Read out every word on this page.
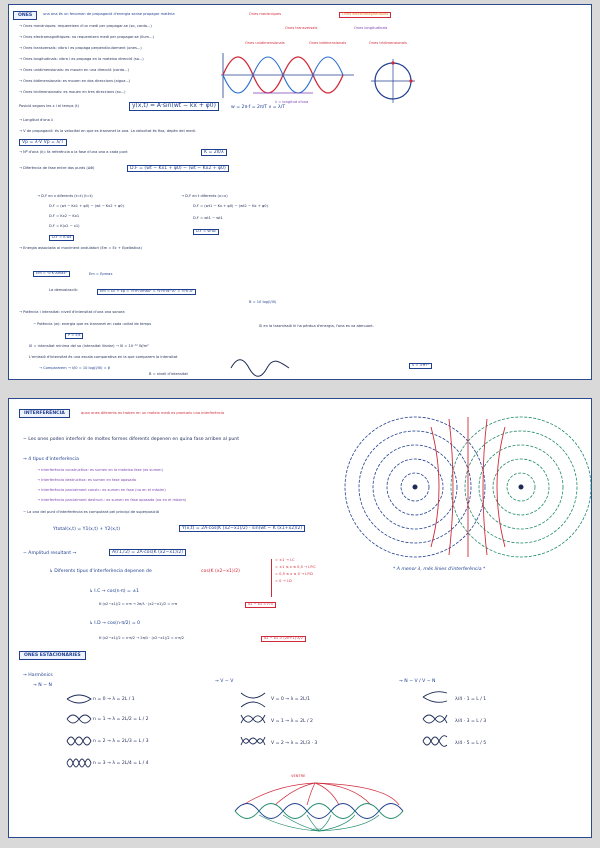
ONES	una ona és un fenomen de propagació d'energia sense propagar matèria	Ones mecàniques	Ones electromagnètiques
Ones transversals	Ones longitudinals
Ones unidimensionals	Ones bidimensionals	Ones tridimensionals
→ Ones mecàniques: requereixen d'un medi per propagar-se (so, corda...)
→ Ones electromagnètiques: no requereixen medi per propagar-se (llum...)
→ Ones transversals: vibra i es propaga perpendicularment (ones...)
→ Ones longitudinals: vibra i es propaga en la mateixa direcció (so...)
→ Ones unidimensionals: es mouen en una direcció (corda...)
→ Ones bidimensionals: es mouen en dos direccions (aigua...)
→ Ones tridimensionals: es mouen en tres direccions (so...)
λ = longitud d'ona
Posició segons les x i el temps (t)	y(x,t) = A·sin(wt − kx + φ0)	w = 2π·f = 2π/T v = λ/T
→ Longitud d'ona λ
→ V de propagació: és la velocitat en que es transmet la ona. La velocitat és fixa, depèn del medi.
Vp = λ·V Vp = λ/T
→ Nº d'ona (k): fa referència a la fase d'una ona a cada punt	K = 2π/λ
→ Diferència de fase entre dos punts (ΔΦ)	D.F = (wt − Kx1 + φ0) − (wt − Kx2 + φ0)
→ D.F en x diferents (t=t) (t=t)
D.F = (wt − Kx1 + φ0) − (wt − Kx2 + φ0)
D.F = Kx2 − Kx1
D.F = K(x2 − x1)
D.F = K·Δx
→ D.F en t diferents (x=x)
D.F = (wt1 − Kx + φ0) − (wt2 − Kx + φ0)
D.F = wt1 − wt1
D.F = W·Δt
→ Energia associada al moviment ondulatori (Em = Ec + Epelàstica)
Em = ½·K·Amax²	Em = Epmax
La demostració:	Em = Ec + Ep = ½·m·Vmax² = ½·m·W²·A² = ½·K·A²
→ Potència i intensitat: nivell d'intensitat d'una ona sonora
− Potència (w): energia que es transmet en cada unitat de temps
P = E/t
I0 = intensitat mínima del so (intensitat llindar) → I0 = 10⁻¹² W/m²
L'emissió d'intensitat és una escala comparativa en la que comparem la intensitat
→ Compararem → I/I0 = 10 log(I/I0) = β
B = nivell d'intensitat
B = 10 log(I/I0)
Si en la trasmissió hi ha pèrdua d'energia, l'ona es va atenuant.
S = 4·π·r²
INTERFERÈNCIA	quan ones diferents es troben en un mateix medi es produeix una interferència
− Les ones poden interferir de moltes formes diferents depenen en quina fase arriben al punt
→ 4 tipus d'interferència
→ Interferència constructiva: es sumen en la mateixa fase (es sumen)
→ Interferència destructiva: es sumen en fase oposada
→ Interferència parcialment constr.: es sumen en fase (no en el màxim)
→ Interferència parcialment destruct.: es sumen en fase oposada (no en el màxim)
− La ona del punt d'interferència es computarà pel principi de superposició
Ytotal(x,t) = Y1(x,t) + Y2(x,t)	Y(x,t) = 2A·cos(K (x2−x1)/2) · sin(wt − K (x1+x2)/2)
− Amplitud resultant →	A(r1,r2) = 2A·cos(K (x2−x1)/2)
↳ Diferents tipus d'interferència depenen de	cos(K (x2−x1)/2)
= ±1 → I.C
= ±1 ≤ x ≤ 0,5 → I.P.C
= 0,5 ≤ x ≤ 0 → I.P.D
= 0 → I.D
* A menor λ, més línies d'interferència *
↳ I.C → cos(n·π) = ±1
K·(x2−x1)/2 = n·π → 2π/λ · (x2−x1)/2 = n·π	x2 − x1 = n·λ
↳ I.D → cos(n·π/2) = 0
K·(x2−x1)/2 = n·π/2 → 2π/λ · (x2−x1)/2 = n·π/2	x2 − x1 = (2n+1)·λ/2
ONES ESTACIONÀRIES
→ Harmònics
→ N − N
→ V − V	→ N − V / V − N
n = 0 → λ = 2L / 1
n = 1 → λ = 2L/2 = L / 2
n = 2 → λ = 2L/3 = L / 3
n = 3 → λ = 2L/4 = L / 4
V = 0 → λ = 2L/1
V = 1 → λ = 2L / 2
V = 2 → λ = 2L/3 · 3
λ/4 · 1 = L / 1
λ/4 · 3 = L / 3
λ/4 · 5 = L / 5
VENTRE
NODE
